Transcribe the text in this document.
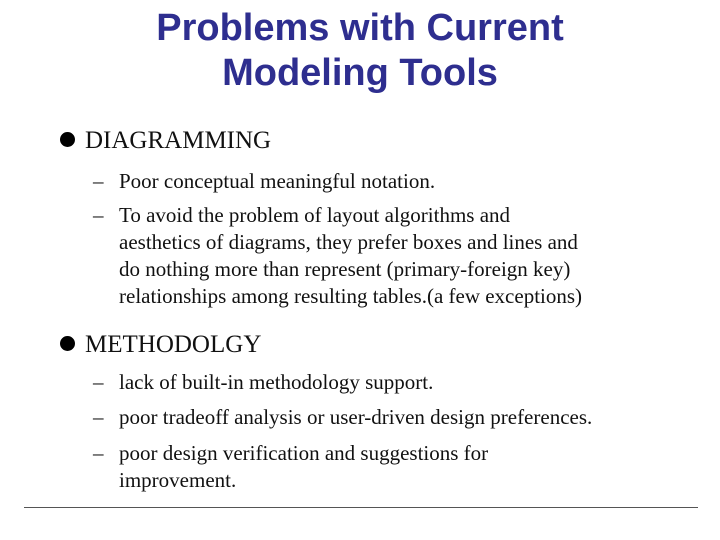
Problems with Current
Modeling Tools
DIAGRAMMING
– Poor conceptual meaningful notation.
– To avoid the problem of layout algorithms and
aesthetics of diagrams, they prefer boxes and lines and
do nothing more than represent (primary-foreign key)
relationships among resulting tables.(a few exceptions)
METHODOLGY
– lack of built-in methodology support.
– poor tradeoff analysis or user-driven design preferences.
– poor design verification and suggestions for
improvement.
